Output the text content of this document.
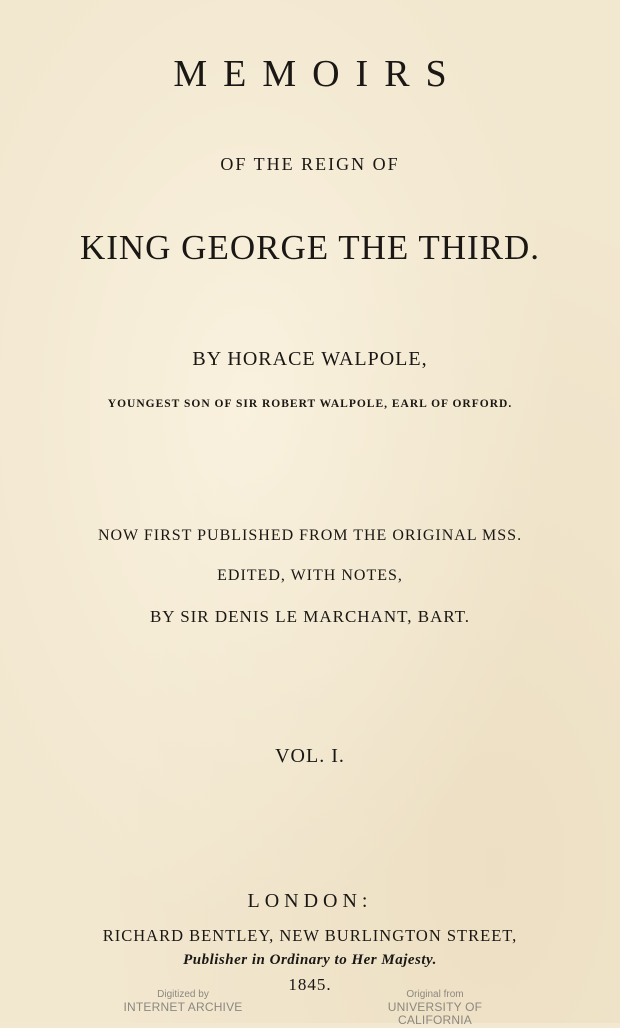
MEMOIRS
OF THE REIGN OF
KING GEORGE THE THIRD.
BY HORACE WALPOLE,
YOUNGEST SON OF SIR ROBERT WALPOLE, EARL OF ORFORD.
NOW FIRST PUBLISHED FROM THE ORIGINAL MSS.
EDITED, WITH NOTES,
BY SIR DENIS LE MARCHANT, BART.
VOL. I.
LONDON:
RICHARD BENTLEY, NEW BURLINGTON STREET,
Publisher in Ordinary to Her Majesty.
1845.
Digitized by
INTERNET ARCHIVE
Original from
UNIVERSITY OF CALIFORNIA
